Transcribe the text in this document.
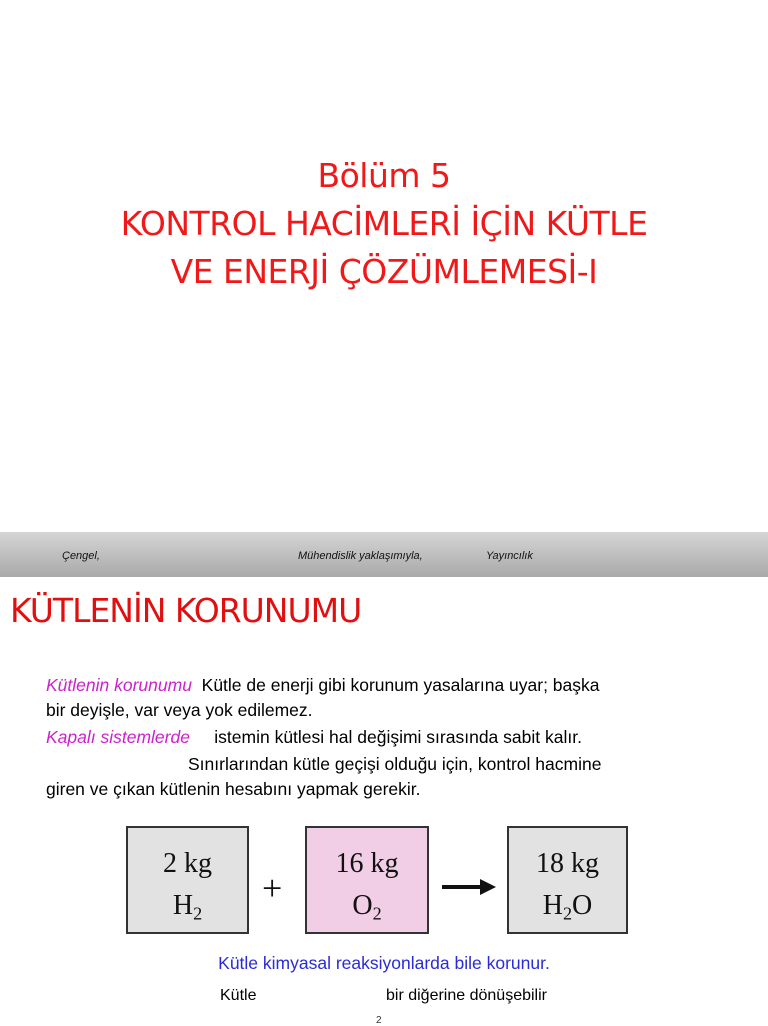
Bölüm 5
KONTROL HACİMLERİ İÇİN KÜTLE
VE ENERJİ ÇÖZÜMLEMESİ-I
Çengel,	Mühendislik yaklaşımıyla,	Yayıncılık
KÜTLENİN KORUNUMU
Kütlenin korunumu  Kütle de enerji gibi korunum yasalarına uyar; başka
bir deyişle, var veya yok edilemez.
Kapalı sistemlerde     istemin kütlesi hal değişimi sırasında sabit kalır.
Sınırlarından kütle geçişi olduğu için, kontrol hacmine
giren ve çıkan kütlenin hesabını yapmak gerekir.
2 kg
$H_2$
+
16 kg
$O_2$
18 kg
$H_2O$
Kütle kimyasal reaksiyonlarda bile korunur.
Kütle	bir diğerine dönüşebilir
2
